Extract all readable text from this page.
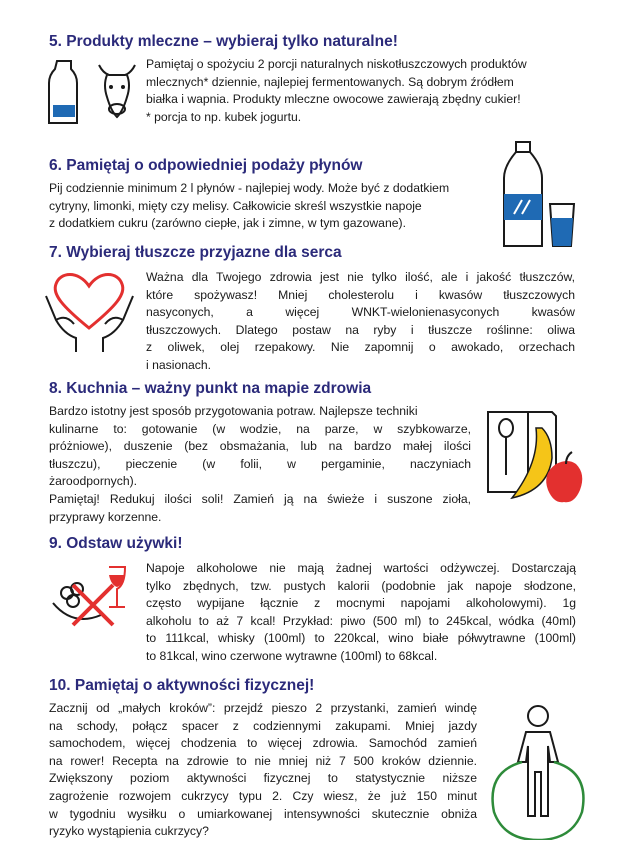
5. Produkty mleczne – wybieraj tylko naturalne!
Pamiętaj o spożyciu 2 porcji naturalnych niskotłuszczowych produktów
mlecznych* dziennie, najlepiej fermentowanych. Są dobrym źródłem
białka i wapnia. Produkty mleczne owocowe zawierają zbędny cukier!
* porcja to np. kubek jogurtu.
6. Pamiętaj o odpowiedniej podaży płynów
Pij codziennie minimum 2 l płynów - najlepiej wody. Może być z dodatkiem
cytryny, limonki, mięty czy melisy. Całkowicie skreśl wszystkie napoje
z dodatkiem cukru (zarówno ciepłe, jak i zimne, w tym gazowane).
7. Wybieraj tłuszcze przyjazne dla serca
Ważna dla Twojego zdrowia jest nie tylko ilość, ale i jakość tłuszczów,
które spożywasz! Mniej cholesterolu i kwasów tłuszczowych
nasyconych, a więcej WNKT-wielonienasyconych kwasów
tłuszczowych. Dlatego postaw na ryby i tłuszcze roślinne: oliwa
z oliwek, olej rzepakowy. Nie zapomnij o awokado, orzechach
i nasionach.
8. Kuchnia – ważny punkt na mapie zdrowia
Bardzo istotny jest sposób przygotowania potraw. Najlepsze techniki
kulinarne to: gotowanie (w wodzie, na parze, w szybkowarze,
próżniowe), duszenie (bez obsmażania, lub na bardzo małej ilości
tłuszczu), pieczenie (w folii, w pergaminie, naczyniach
żaroodpornych).
Pamiętaj! Redukuj ilości soli! Zamień ją na świeże i suszone zioła,
przyprawy korzenne.
9. Odstaw używki!
Napoje alkoholowe nie mają żadnej wartości odżywczej. Dostarczają
tylko zbędnych, tzw. pustych kalorii (podobnie jak napoje słodzone,
często wypijane łącznie z mocnymi napojami alkoholowymi). 1g
alkoholu to aż 7 kcal! Przykład: piwo (500 ml) to 245kcal, wódka (40ml)
to 111kcal, whisky (100ml) to 220kcal, wino białe półwytrawne (100ml)
to 81kcal, wino czerwone wytrawne (100ml) to 68kcal.
10. Pamiętaj o aktywności fizycznej!
Zacznij od „małych kroków”: przejdź pieszo 2 przystanki, zamień windę
na schody, połącz spacer z codziennymi zakupami. Mniej jazdy
samochodem, więcej chodzenia to więcej zdrowia. Samochód zamień
na rower! Recepta na zdrowie to nie mniej niż 7 500 kroków dziennie.
Zwiększony poziom aktywności fizycznej to statystycznie niższe
zagrożenie rozwojem cukrzycy typu 2. Czy wiesz, że już 150 minut
w tygodniu wysiłku o umiarkowanej intensywności skutecznie obniża
ryzyko wystąpienia cukrzycy?
